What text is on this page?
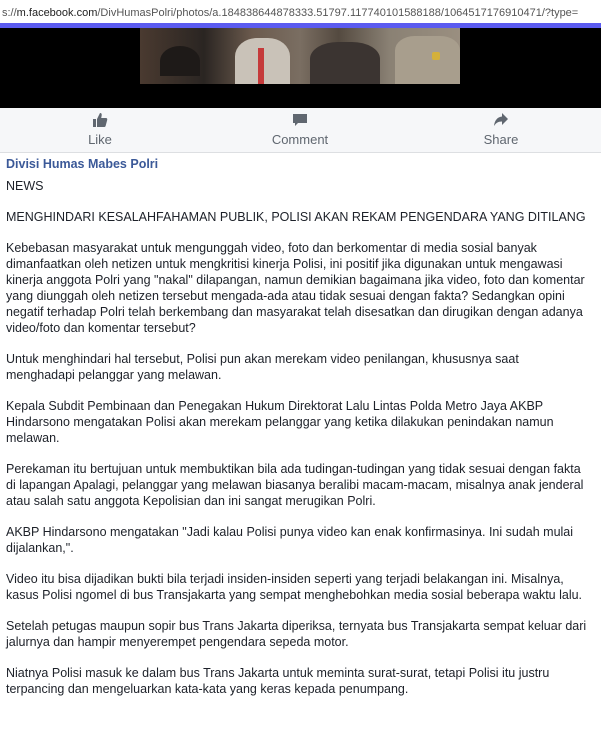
s://m.facebook.com/DivHumasPolri/photos/a.184838644878333.51797.117740101588188/1064517176910471/?type=
Like	Comment	Share
Divisi Humas Mabes Polri

NEWS

MENGHINDARI KESALAHFAHAMAN PUBLIK, POLISI AKAN REKAM PENGENDARA YANG DITILANG

Kebebasan masyarakat untuk mengunggah video, foto dan berkomentar di media sosial banyak dimanfaatkan oleh netizen untuk mengkritisi kinerja Polisi, ini positif jika digunakan untuk mengawasi kinerja anggota Polri yang "nakal" dilapangan, namun demikian bagaimana jika video, foto dan komentar yang diunggah oleh netizen tersebut mengada-ada atau tidak sesuai dengan fakta? Sedangkan opini negatif terhadap Polri telah berkembang dan masyarakat telah disesatkan dan dirugikan dengan adanya video/foto dan komentar tersebut?

Untuk menghindari hal tersebut, Polisi pun akan merekam video penilangan, khususnya saat menghadapi pelanggar yang melawan.

Kepala Subdit Pembinaan dan Penegakan Hukum Direktorat Lalu Lintas Polda Metro Jaya AKBP Hindarsono mengatakan Polisi akan merekam pelanggar yang ketika dilakukan penindakan namun melawan.

Perekaman itu bertujuan untuk membuktikan bila ada tudingan-tudingan yang tidak sesuai dengan fakta di lapangan Apalagi, pelanggar yang melawan biasanya beralibi macam-macam, misalnya anak jenderal atau salah satu anggota Kepolisian dan ini sangat merugikan Polri.

AKBP Hindarsono mengatakan "Jadi kalau Polisi punya video kan enak konfirmasinya. Ini sudah mulai dijalankan,".

Video itu bisa dijadikan bukti bila terjadi insiden-insiden seperti yang terjadi belakangan ini. Misalnya, kasus Polisi ngomel di bus Transjakarta yang sempat menghebohkan media sosial beberapa waktu lalu.

Setelah petugas maupun sopir bus Trans Jakarta diperiksa, ternyata bus Transjakarta sempat keluar dari jalurnya dan hampir menyerempet pengendara sepeda motor.

Niatnya Polisi masuk ke dalam bus Trans Jakarta untuk meminta surat-surat, tetapi Polisi itu justru terpancing dan mengeluarkan kata-kata yang keras kepada penumpang.
